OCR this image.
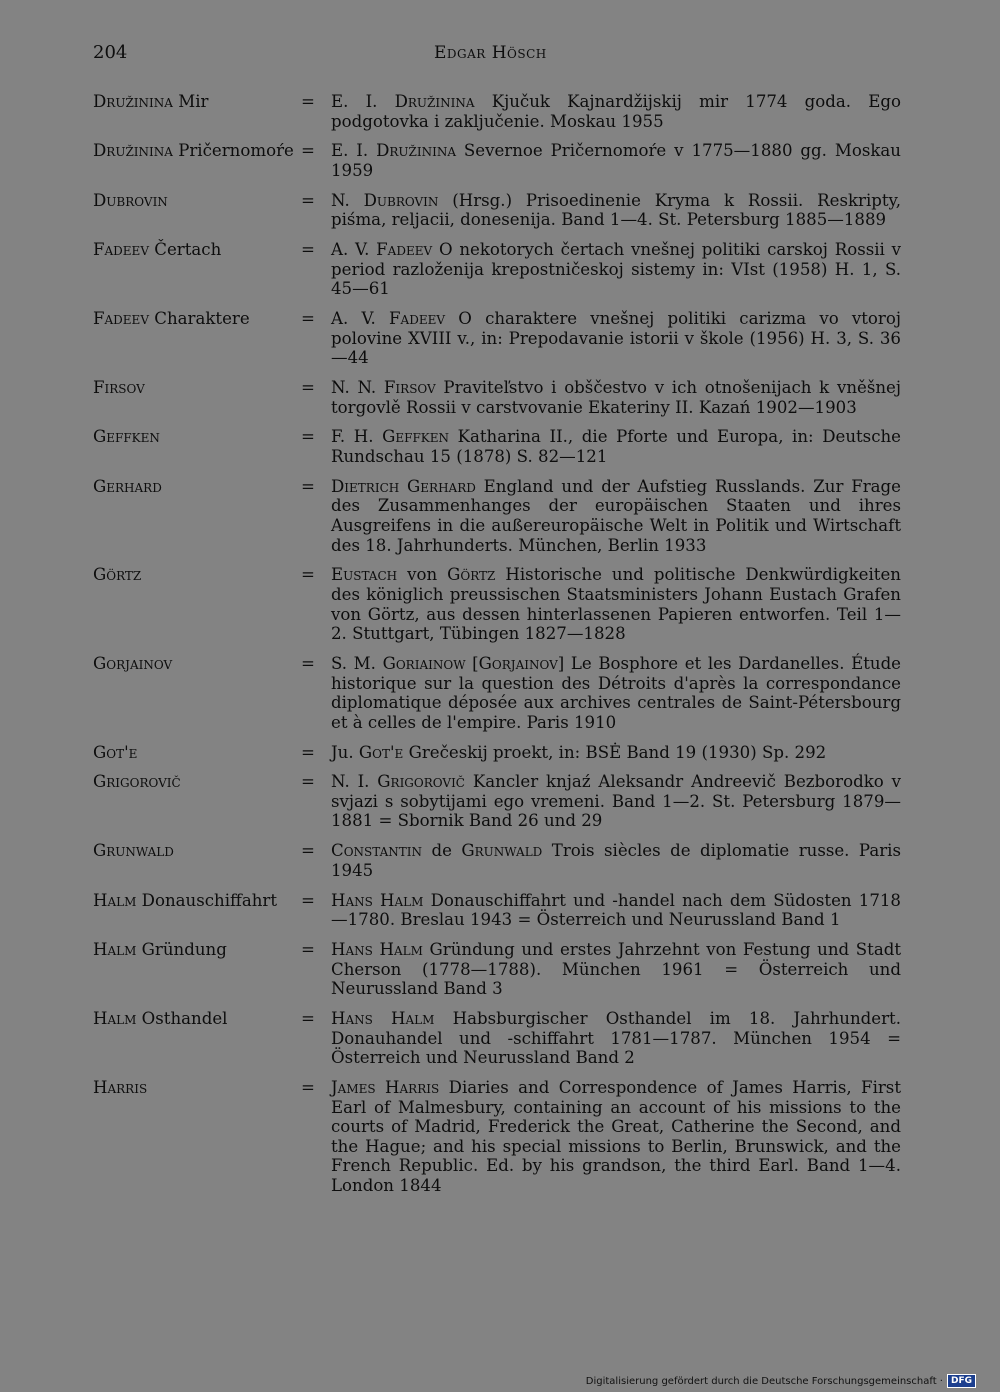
204	Edgar Hösch
Družinina Mir	= E. I. Družinina Kjučuk Kajnardžijskij mir 1774 goda. Ego podgotovka i zaključenie. Moskau 1955
Družinina Pričernomoŕe = E. I. Družinina Severnoe Pričernomoŕe v 1775—1880 gg. Moskau 1959
Dubrovin	= N. Dubrovin (Hrsg.) Prisoedinenie Kryma k Rossii. Reskripty, piśma, reljacii, donesenija. Band 1—4. St. Petersburg 1885—1889
Fadeev Čertach	= A. V. Fadeev O nekotorych čertach vnešnej politiki carskoj Rossii v period razloženija krepostničeskoj sistemy in: VIst (1958) H. 1, S. 45—61
Fadeev Charaktere	= A. V. Fadeev O charaktere vnešnej politiki carizma vo vtoroj polovine XVIII v., in: Prepodavanie istorii v škole (1956) H. 3, S. 36—44
Firsov	= N. N. Firsov Praviteľstvo i obščestvo v ich otnošenijach k vněšnej torgovlě Rossii v carstvovanie Ekateriny II. Kazań 1902—1903
Geffken	= F. H. Geffken Katharina II., die Pforte und Europa, in: Deutsche Rundschau 15 (1878) S. 82—121
Gerhard	= Dietrich Gerhard England und der Aufstieg Russlands. Zur Frage des Zusammenhanges der europäischen Staaten und ihres Ausgreifens in die außereuropäische Welt in Politik und Wirtschaft des 18. Jahrhunderts. München, Berlin 1933
Görtz	= Eustach von Görtz Historische und politische Denkwürdigkeiten des königlich preussischen Staatsministers Johann Eustach Grafen von Görtz, aus dessen hinterlassenen Papieren entworfen. Teil 1—2. Stuttgart, Tübingen 1827—1828
Gorjainov	= S. M. Goriainow [Gorjainov] Le Bosphore et les Dardanelles. Étude historique sur la question des Détroits d'après la correspondance diplomatique déposée aux archives centrales de Saint-Pétersbourg et à celles de l'empire. Paris 1910
Got'e	= Ju. Got'e Grečeskij proekt, in: BSĖ Band 19 (1930) Sp. 292
Grigorovič	= N. I. Grigorovič Kancler knjaź Aleksandr Andreevič Bezborodko v svjazi s sobytijami ego vremeni. Band 1—2. St. Petersburg 1879—1881 = Sbornik Band 26 und 29
Grunwald	= Constantin de Grunwald Trois siècles de diplomatie russe. Paris 1945
Halm Donauschiffahrt	= Hans Halm Donauschiffahrt und -handel nach dem Südosten 1718—1780. Breslau 1943 = Österreich und Neurussland Band 1
Halm Gründung	= Hans Halm Gründung und erstes Jahrzehnt von Festung und Stadt Cherson (1778—1788). München 1961 = Österreich und Neurussland Band 3
Halm Osthandel	= Hans Halm Habsburgischer Osthandel im 18. Jahrhundert. Donauhandel und -schiffahrt 1781—1787. München 1954 = Österreich und Neurussland Band 2
Harris	= James Harris Diaries and Correspondence of James Harris, First Earl of Malmesbury, containing an account of his missions to the courts of Madrid, Frederick the Great, Catherine the Second, and the Hague; and his special missions to Berlin, Brunswick, and the French Republic. Ed. by his grandson, the third Earl. Band 1—4. London 1844
Digitalisierung gefördert durch die Deutsche Forschungsgemeinschaft · DFG
